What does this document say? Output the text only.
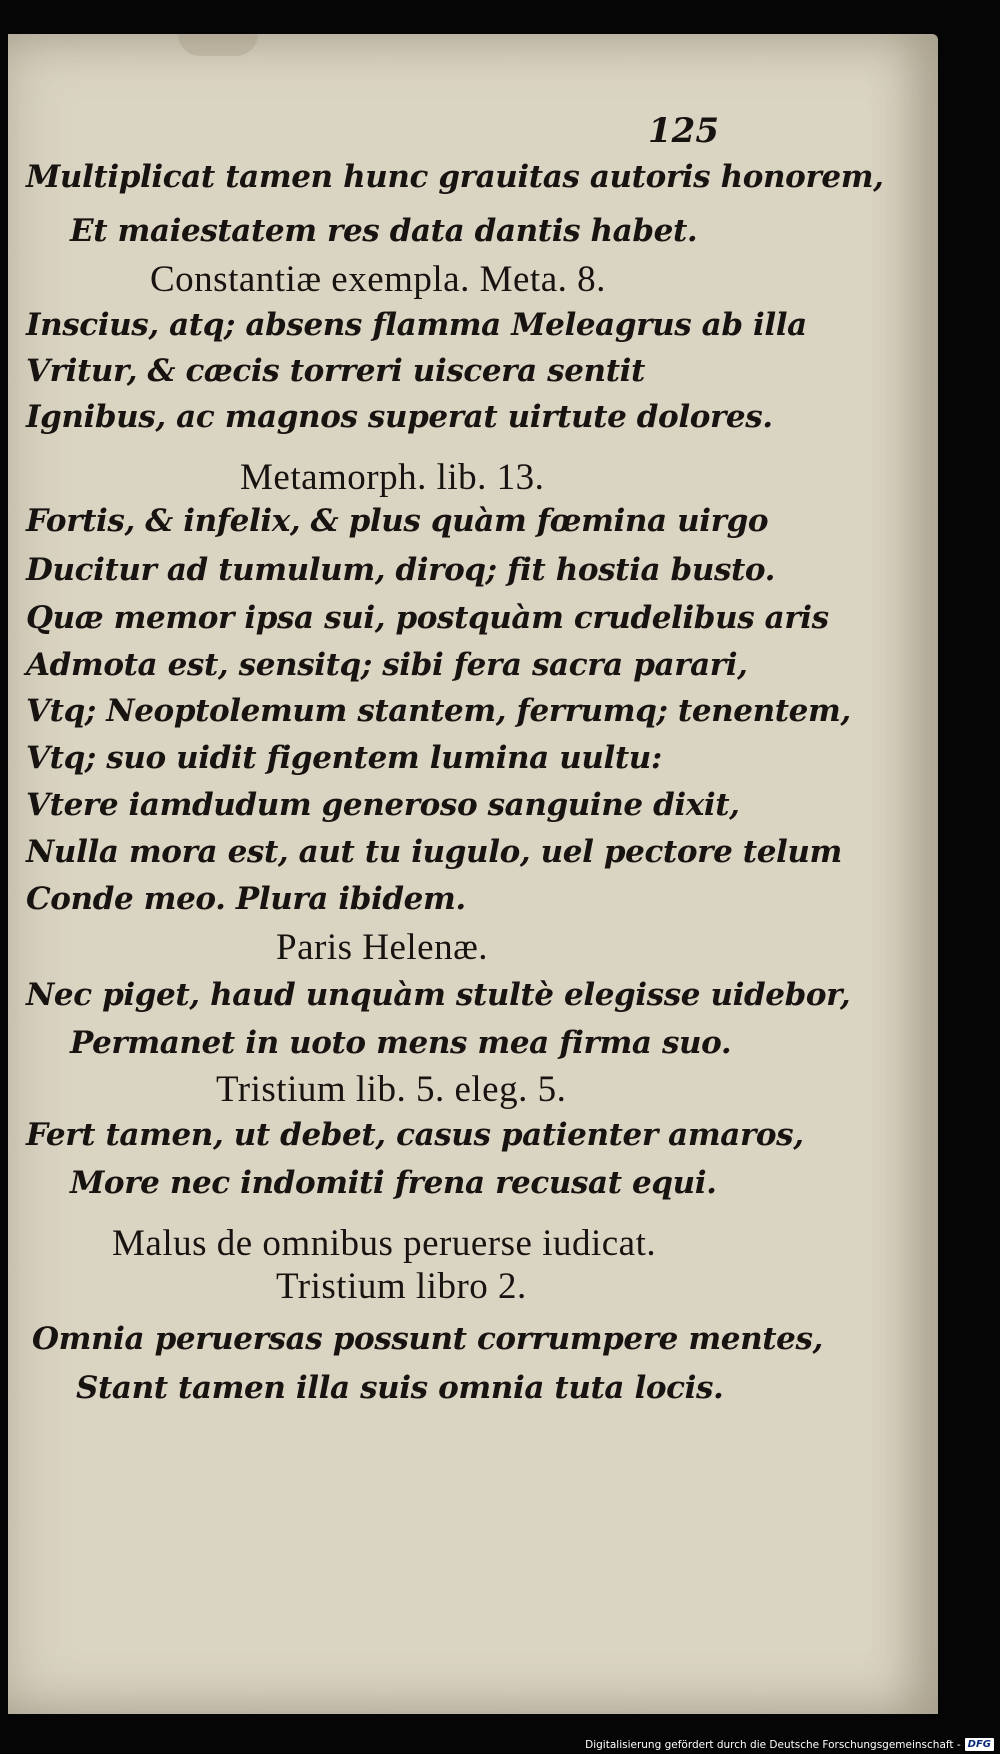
125
Multiplicat tamen hunc grauitas autoris honorem,
Et maiestatem res data dantis habet.
Constantiæ exempla. Meta. 8.
Inscius, atq; absens flamma Meleagrus ab illa
Vritur, & cæcis torreri uiscera sentit
Ignibus, ac magnos superat uirtute dolores.
Metamorph. lib. 13.
Fortis, & infelix, & plus quàm fœmina uirgo
Ducitur ad tumulum, diroq; fit hostia busto.
Quæ memor ipsa sui, postquàm crudelibus aris
Admota est, sensitq; sibi fera sacra parari,
Vtq; Neoptolemum stantem, ferrumq; tenentem,
Vtq; suo uidit figentem lumina uultu:
Vtere iamdudum generoso sanguine dixit,
Nulla mora est, aut tu iugulo, uel pectore telum
Conde meo. Plura ibidem.
Paris Helenæ.
Nec piget, haud unquàm stultè elegisse uidebor,
Permanet in uoto mens mea firma suo.
Tristium lib. 5. eleg. 5.
Fert tamen, ut debet, casus patienter amaros,
More nec indomiti frena recusat equi.
Malus de omnibus peruerse iudicat.
Tristium libro 2.
Omnia peruersas possunt corrumpere mentes,
Stant tamen illa suis omnia tuta locis.
Digitalisierung gefördert durch die Deutsche Forschungsgemeinschaft - DFG
